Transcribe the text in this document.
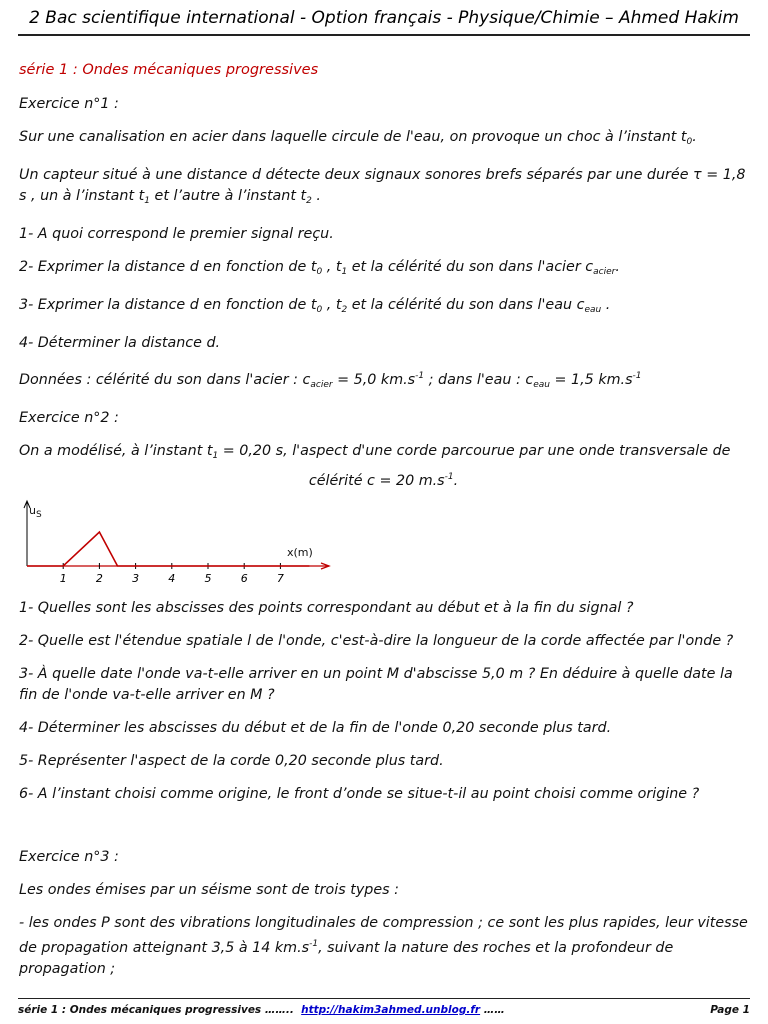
2 Bac scientifique international - Option français - Physique/Chimie – Ahmed Hakim
série 1 : Ondes mécaniques progressives
Exercice n°1 :
Sur une canalisation en acier dans laquelle circule de l'eau, on provoque un choc à l’instant $t_0$.
Un capteur situé à une distance d détecte deux signaux sonores brefs séparés par une durée τ = 1,8 s , un à l’instant $t_1$ et l’autre à l’instant $t_2$ .
1- A quoi correspond le premier signal reçu.
2- Exprimer la distance d en fonction de $t_0$ , $t_1$ et la célérité du son dans l'acier $c_{acier}$.
3- Exprimer la distance d en fonction de $t_0$ , $t_2$ et la célérité du son dans l'eau $c_{eau}$ .
4- Déterminer la distance d.
Données : célérité du son dans l'acier : $c_{acier} = 5,0$ $km.s^{-1}$ ; dans l'eau : $c_{eau} = 1,5$ $km.s^{-1}$
Exercice n°2 :
On a modélisé, à l’instant $t_1 = 0,20$ s, l'aspect d'une corde parcourue par une onde transversale de

célérité c = 20 $m.s^{-1}$.
1	2	3	4	5	6	7
$u_S$
x(m)
1- Quelles sont les abscisses des points correspondant au début et à la fin du signal ?
2- Quelle est l'étendue spatiale l de l'onde, c'est-à-dire la longueur de la corde affectée par l'onde ?
3- À quelle date l'onde va-t-elle arriver en un point M d'abscisse 5,0 m ? En déduire à quelle date la fin de l'onde va-t-elle arriver en M ?
4- Déterminer les abscisses du début et de la fin de l'onde 0,20 seconde plus tard.
5- Représenter l'aspect de la corde 0,20 seconde plus tard.
6- A l’instant choisi comme origine, le front d’onde se situe-t-il au point choisi comme origine ?
Exercice n°3 :
Les ondes émises par un séisme sont de trois types :
- les ondes P sont des vibrations longitudinales de compression ; ce sont les plus rapides, leur vitesse de propagation atteignant 3,5 à 14 $km.s^{-1}$, suivant la nature des roches et la profondeur de propagation ;
série 1 : Ondes mécaniques progressives …….. http://hakim3ahmed.unblog.fr ……	Page 1
